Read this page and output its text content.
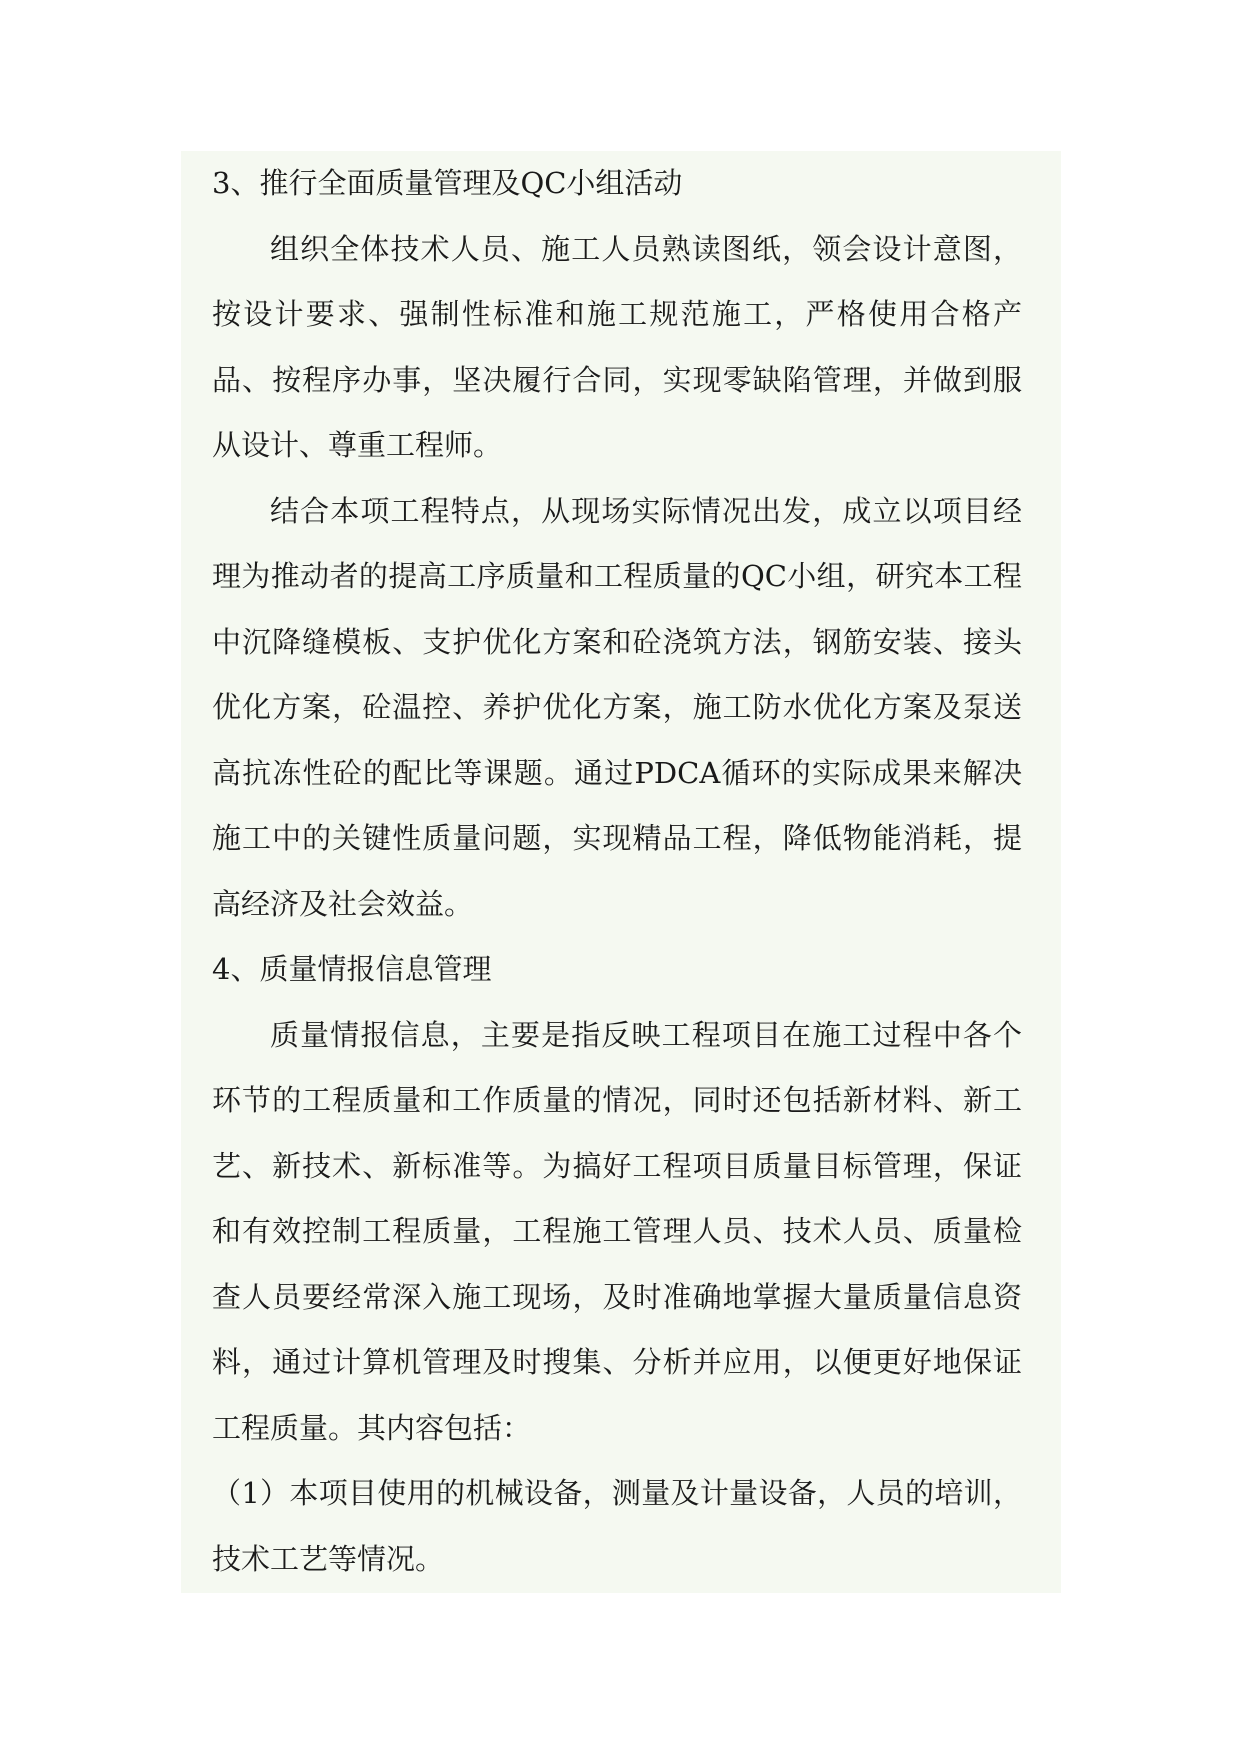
3、推行全面质量管理及QC小组活动

组织全体技术人员、施工人员熟读图纸，领会设计意图，按设计要求、强制性标准和施工规范施工，严格使用合格产品、按程序办事，坚决履行合同，实现零缺陷管理，并做到服从设计、尊重工程师。

结合本项工程特点，从现场实际情况出发，成立以项目经理为推动者的提高工序质量和工程质量的QC小组，研究本工程中沉降缝模板、支护优化方案和砼浇筑方法，钢筋安装、接头优化方案，砼温控、养护优化方案，施工防水优化方案及泵送高抗冻性砼的配比等课题。通过PDCA循环的实际成果来解决施工中的关键性质量问题，实现精品工程，降低物能消耗，提高经济及社会效益。

4、质量情报信息管理

质量情报信息，主要是指反映工程项目在施工过程中各个环节的工程质量和工作质量的情况，同时还包括新材料、新工艺、新技术、新标准等。为搞好工程项目质量目标管理，保证和有效控制工程质量，工程施工管理人员、技术人员、质量检查人员要经常深入施工现场，及时准确地掌握大量质量信息资料，通过计算机管理及时搜集、分析并应用，以便更好地保证工程质量。其内容包括：

（1）本项目使用的机械设备，测量及计量设备，人员的培训，技术工艺等情况。
